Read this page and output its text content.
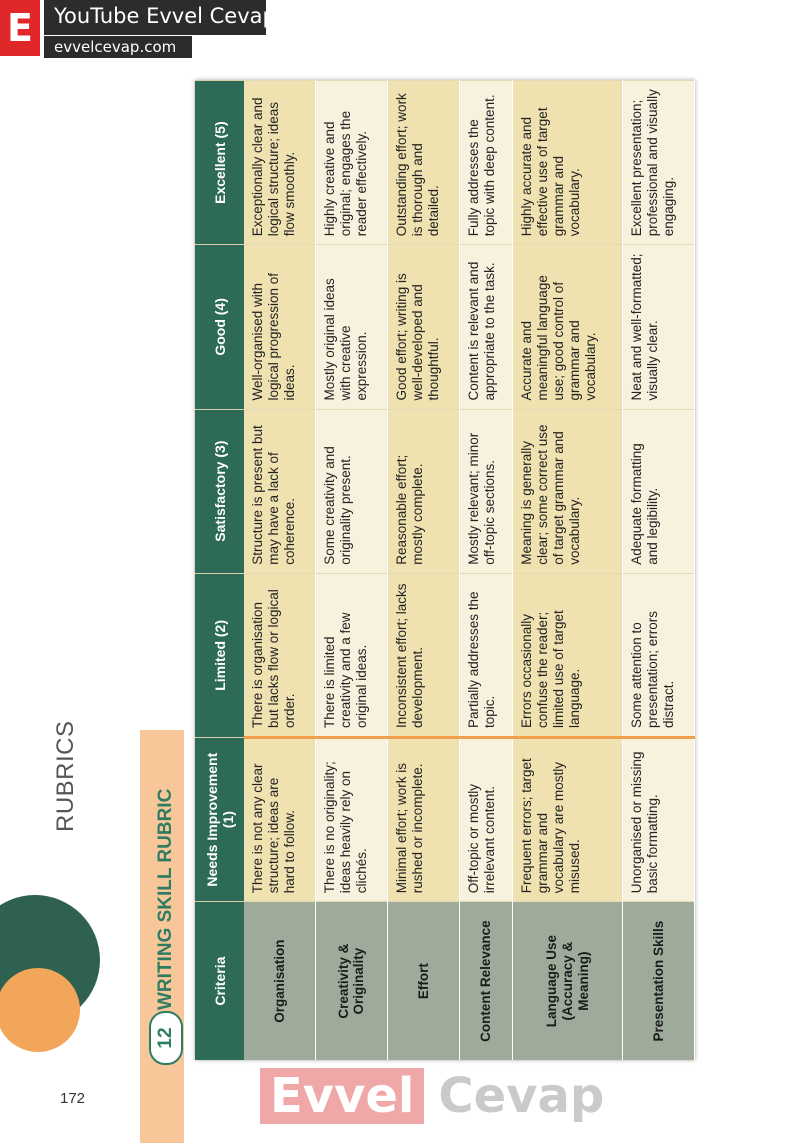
E	YouTube Evvel Cevap
evvelcevap.com
172
RUBRICS
12
WRITING SKILL RUBRIC	Criteria	Needs Improvement (1)	Limited (2)	Satisfactory (3)	Good (4)	Excellent (5)
Organisation	There is not any clear structure; ideas are hard to follow.	There is organisation but lacks flow or logical order.	Structure is present but may have a lack of coherence.	Well-organised with logical progression of ideas.	Exceptionally clear and logical structure; ideas flow smoothly.
Creativity & Originality	There is no originality; ideas heavily rely on clichés.	There is limited creativity and a few original ideas.	Some creativity and originality present.	Mostly original ideas with creative expression.	Highly creative and original; engages the reader effectively.
Effort	Minimal effort; work is rushed or incomplete.	Inconsistent effort; lacks development.	Reasonable effort; mostly complete.	Good effort; writing is well-developed and thoughtful.	Outstanding effort; work is thorough and detailed.
Content Relevance	Off-topic or mostly irrelevant content.	Partially addresses the topic.	Mostly relevant; minor off-topic sections.	Content is relevant and appropriate to the task.	Fully addresses the topic with deep content.
Language Use (Accuracy & Meaning)	Frequent errors; target grammar and vocabulary are mostly misused.	Errors occasionally confuse the reader; limited use of target language.	Meaning is generally clear; some correct use of target grammar and vocabulary.	Accurate and meaningful language use; good control of grammar and vocabulary.	Highly accurate and effective use of target grammar and vocabulary.
Presentation Skills	Unorganised or missing basic formatting.	Some attention to presentation; errors distract.	Adequate formatting and legibility.	Neat and well-formatted; visually clear.	Excellent presentation; professional and visually engaging.
Evvel Cevap
